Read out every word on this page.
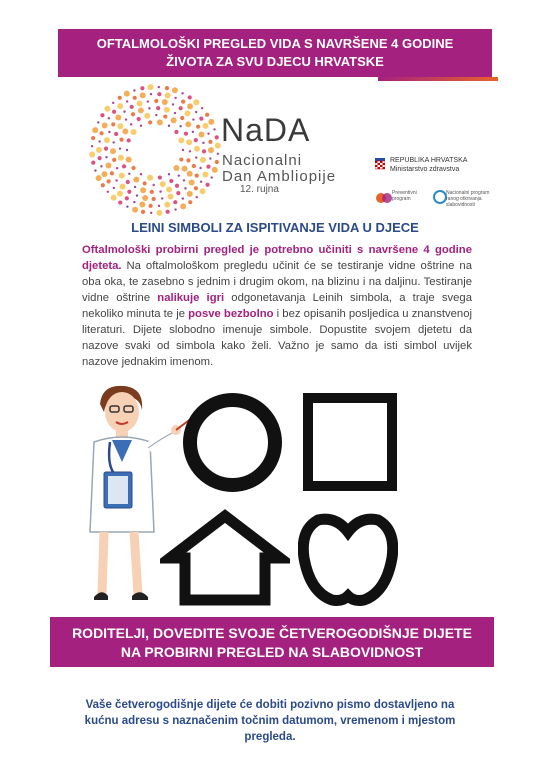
OFTALMOLOŠKI PREGLED VIDA S NAVRŠENE 4 GODINE
ŽIVOTA ZA SVU DJECU HRVATSKE
NaDA
Nacionalni
Dan Ambliopije
12. rujna
REPUBLIKA HRVATSKA
Ministarstvo zdravstva
Preventivni program
Nacionalni program ranog otkrivanja slabovidnosti
LEINI SIMBOLI ZA ISPITIVANJE VIDA U DJECE
Oftalmološki probirni pregled je potrebno učiniti s navršene 4 godine djeteta. Na oftalmološkom pregledu učinit će se testiranje vidne oštrine na oba oka, te zasebno s jednim i drugim okom, na blizinu i na daljinu. Testiranje vidne oštrine nalikuje igri odgonetavanja Leinih simbola, a traje svega nekoliko minuta te je posve bezbolno i bez opisanih posljedica u znanstvenoj literaturi. Dijete slobodno imenuje simbole. Dopustite svojem djetetu da nazove svaki od simbola kako želi. Važno je samo da isti simbol uvijek nazove jednakim imenom.
RODITELJI, DOVEDITE SVOJE ČETVEROGODIŠNJE DIJETE
NA PROBIRNI PREGLED NA SLABOVIDNOST
Vaše četverogodišnje dijete će dobiti pozivno pismo dostavljeno na kućnu adresu s naznačenim točnim datumom, vremenom i mjestom pregleda.
